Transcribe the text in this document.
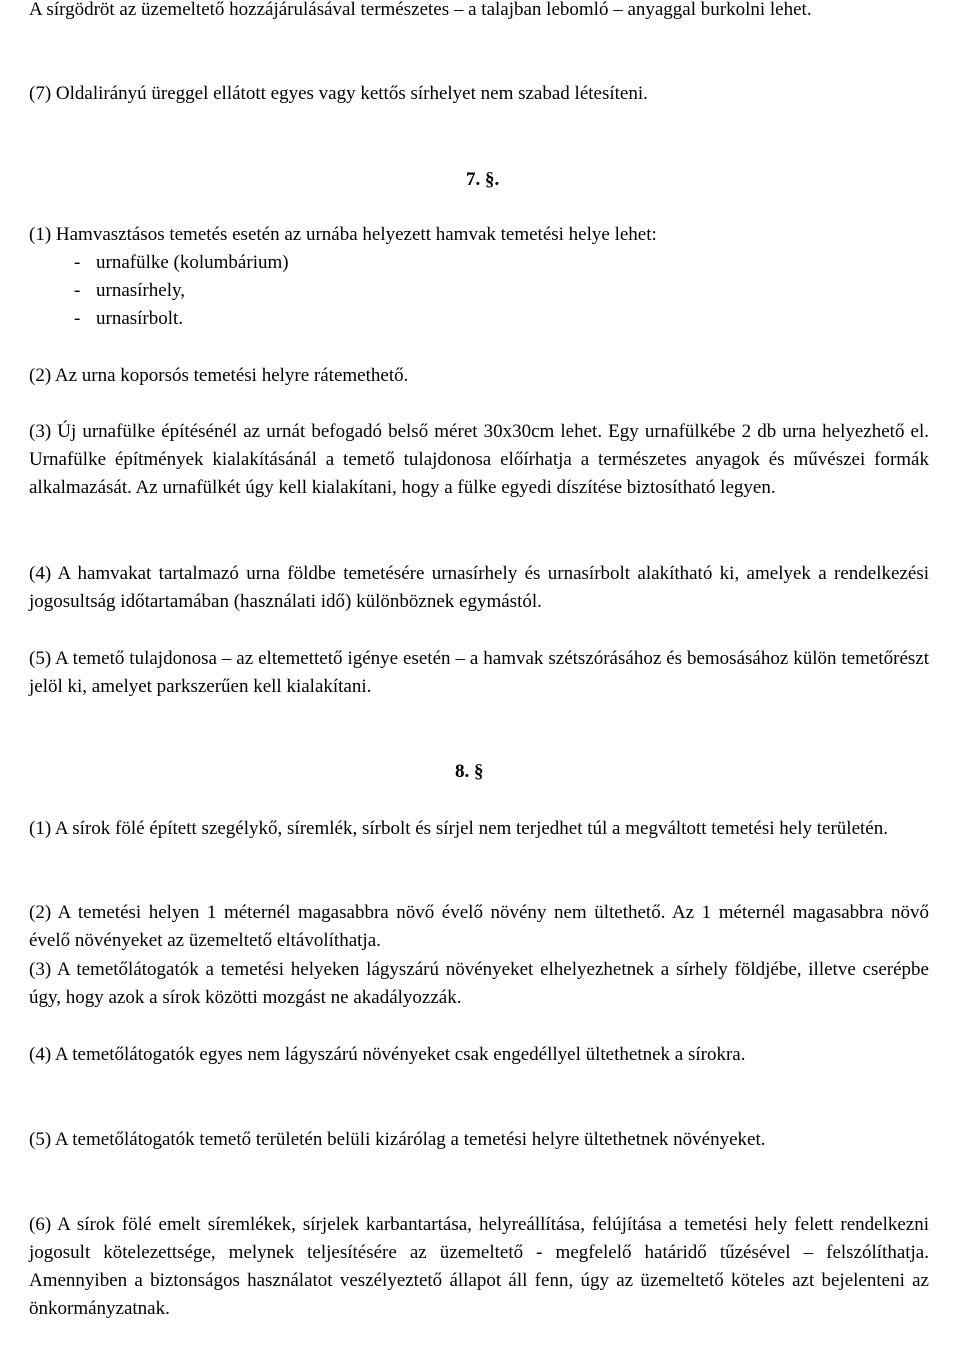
A sírgödröt az üzemeltető hozzájárulásával természetes – a talajban lebomló – anyaggal burkolni lehet.

(7) Oldalirányú üreggel ellátott egyes vagy kettős sírhelyet nem szabad létesíteni.

7. §.

(1) Hamvasztásos temetés esetén az urnába helyezett hamvak temetési helye lehet:

- urnafülke (kolumbárium)
- urnasírhely,
- urnasírbolt.

(2) Az urna koporsós temetési helyre rátemethető.

(3) Új urnafülke építésénél az urnát befogadó belső méret 30x30cm lehet. Egy urnafülkébe 2 db urna helyezhető el. Urnafülke építmények kialakításánál a temető tulajdonosa előírhatja a természetes anyagok és művészei formák alkalmazását. Az urnafülkét úgy kell kialakítani, hogy a fülke egyedi díszítése biztosítható legyen.

(4) A hamvakat tartalmazó urna földbe temetésére urnasírhely és urnasírbolt alakítható ki, amelyek a rendelkezési jogosultság időtartamában (használati idő) különböznek egymástól.

(5) A temető tulajdonosa – az eltemettető igénye esetén – a hamvak szétszórásához és bemosásához külön temetőrészt jelöl ki, amelyet parkszerűen kell kialakítani.

8. §

(1) A sírok fölé épített szegélykő, síremlék, sírbolt és sírjel nem terjedhet túl a megváltott temetési hely területén.

(2) A temetési helyen 1 méternél magasabbra növő évelő növény nem ültethető. Az 1 méternél magasabbra növő évelő növényeket az üzemeltető eltávolíthatja.

(3) A temetőlátogatók a temetési helyeken lágyszárú növényeket elhelyezhetnek a sírhely földjébe, illetve cserépbe úgy, hogy azok a sírok közötti mozgást ne akadályozzák.

(4) A temetőlátogatók egyes nem lágyszárú növényeket csak engedéllyel ültethetnek a sírokra.

(5) A temetőlátogatók temető területén belüli kizárólag a temetési helyre ültethetnek növényeket.

(6) A sírok fölé emelt síremlékek, sírjelek karbantartása, helyreállítása, felújítása a temetési hely felett rendelkezni jogosult kötelezettsége, melynek teljesítésére az üzemeltető - megfelelő határidő tűzésével – felszólíthatja. Amennyiben a biztonságos használatot veszélyeztető állapot áll fenn, úgy az üzemeltető köteles azt bejelenteni az önkormányzatnak.
